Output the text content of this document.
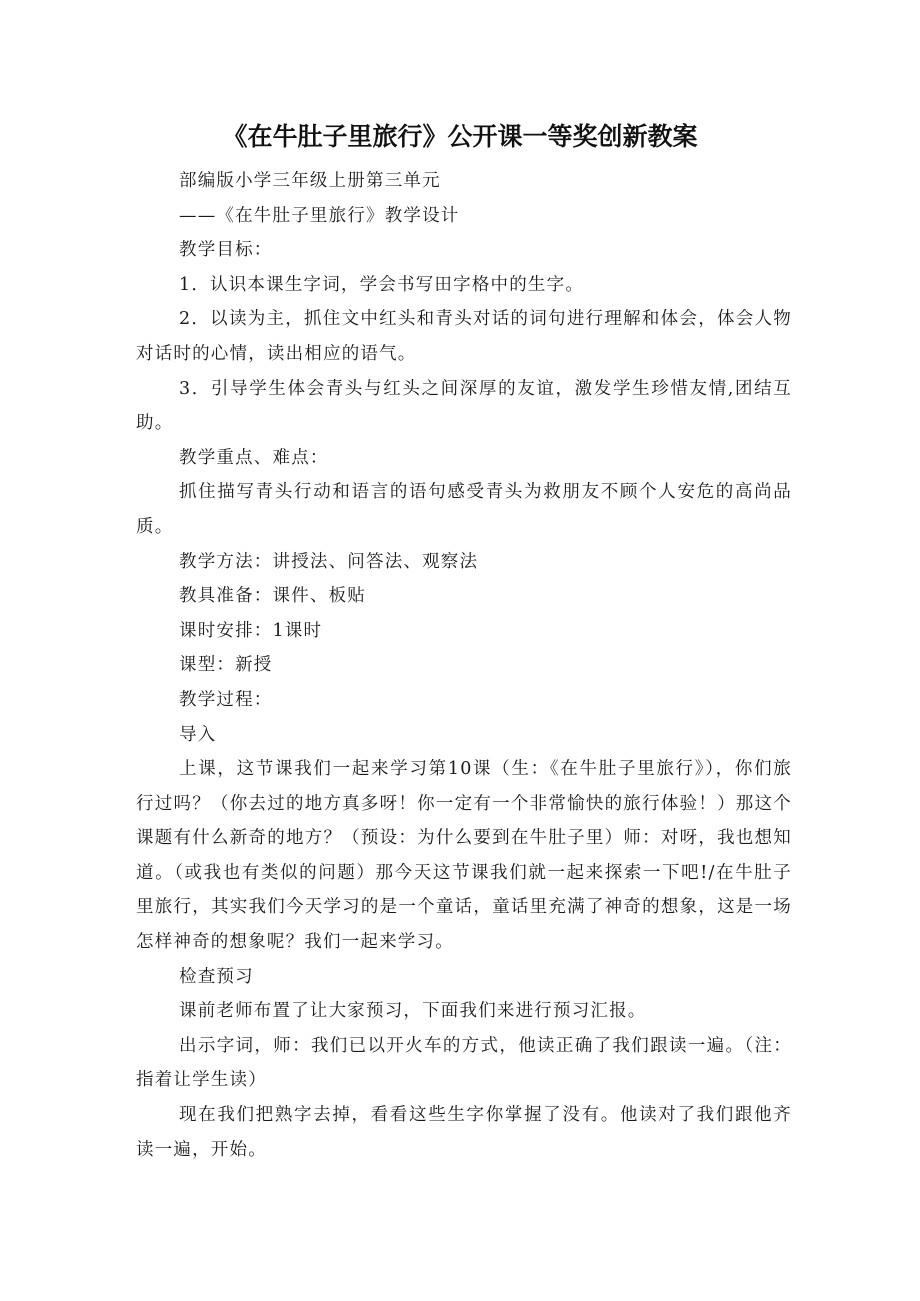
《在牛肚子里旅行》公开课一等奖创新教案

部编版小学三年级上册第三单元

——《在牛肚子里旅行》教学设计

教学目标：

1．认识本课生字词，学会书写田字格中的生字。

2．以读为主，抓住文中红头和青头对话的词句进行理解和体会，体会人物对话时的心情，读出相应的语气。

3．引导学生体会青头与红头之间深厚的友谊，激发学生珍惜友情,团结互助。

教学重点、难点：

抓住描写青头行动和语言的语句感受青头为救朋友不顾个人安危的高尚品质。

教学方法：讲授法、问答法、观察法

教具准备：课件、板贴

课时安排：1课时

课型：新授

教学过程：

导入

上课，这节课我们一起来学习第10课（生：《在牛肚子里旅行》），你们旅行过吗？（你去过的地方真多呀！你一定有一个非常愉快的旅行体验！）那这个课题有什么新奇的地方？（预设：为什么要到在牛肚子里）师：对呀，我也想知道。（或我也有类似的问题）那今天这节课我们就一起来探索一下吧!/在牛肚子里旅行，其实我们今天学习的是一个童话，童话里充满了神奇的想象，这是一场怎样神奇的想象呢？我们一起来学习。

检查预习

课前老师布置了让大家预习，下面我们来进行预习汇报。

出示字词，师：我们已以开火车的方式，他读正确了我们跟读一遍。（注：指着让学生读）

现在我们把熟字去掉，看看这些生字你掌握了没有。他读对了我们跟他齐读一遍，开始。
